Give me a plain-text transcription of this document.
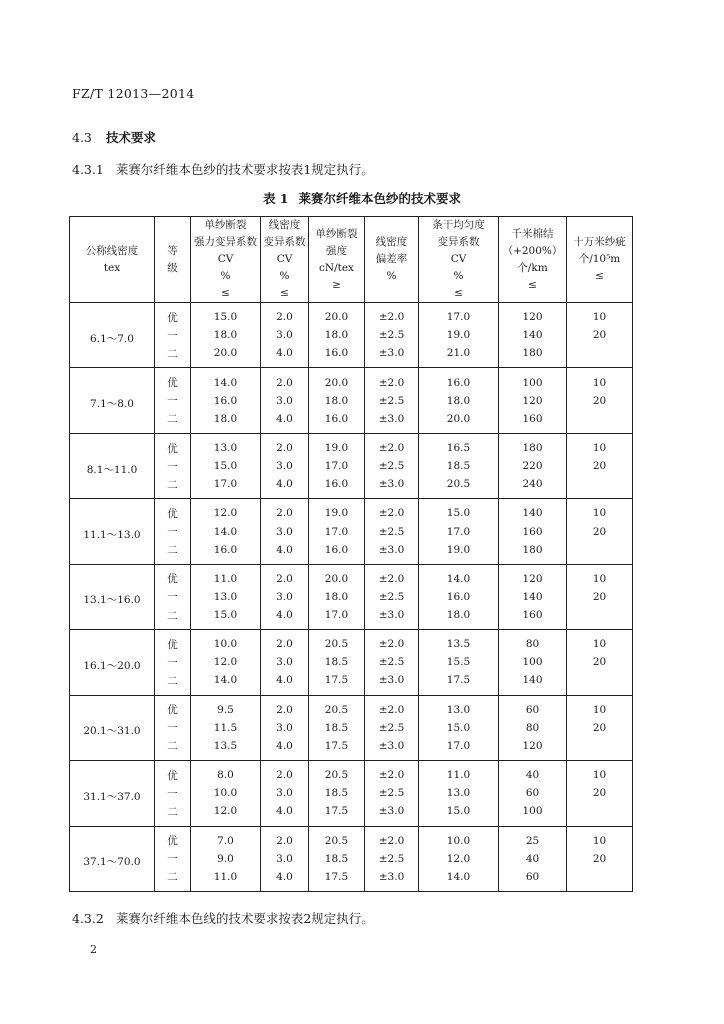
FZ/T 12013—2014
4.3 技术要求
4.3.1 莱赛尔纤维本色纱的技术要求按表1规定执行。
表 1 莱赛尔纤维本色纱的技术要求
公称线密度
tex	等
级	单纱断裂
强力变异系数
CV
%
≤	线密度
变异系数
CV
%
≤	单纱断裂
强度
cN/tex
≥	线密度
偏差率
%	条干均匀度
变异系数
CV
%
≤	千米棉结
（+200%）
个/km
≤	十万米纱疵
个/10⁵m
≤

6.1～7.0	优	15.0	2.0	20.0	±2.0	17.0	120	10
	一	18.0	3.0	18.0	±2.5	19.0	140	20
	二	20.0	4.0	16.0	±3.0	21.0	180	
7.1～8.0	优	14.0	2.0	20.0	±2.0	16.0	100	10
	一	16.0	3.0	18.0	±2.5	18.0	120	20
	二	18.0	4.0	16.0	±3.0	20.0	160	
8.1～11.0	优	13.0	2.0	19.0	±2.0	16.5	180	10
	一	15.0	3.0	17.0	±2.5	18.5	220	20
	二	17.0	4.0	16.0	±3.0	20.5	240	
11.1～13.0	优	12.0	2.0	19.0	±2.0	15.0	140	10
	一	14.0	3.0	17.0	±2.5	17.0	160	20
	二	16.0	4.0	16.0	±3.0	19.0	180	
13.1～16.0	优	11.0	2.0	20.0	±2.0	14.0	120	10
	一	13.0	3.0	18.0	±2.5	16.0	140	20
	二	15.0	4.0	17.0	±3.0	18.0	160	
16.1～20.0	优	10.0	2.0	20.5	±2.0	13.5	80	10
	一	12.0	3.0	18.5	±2.5	15.5	100	20
	二	14.0	4.0	17.5	±3.0	17.5	140	
20.1～31.0	优	9.5	2.0	20.5	±2.0	13.0	60	10
	一	11.5	3.0	18.5	±2.5	15.0	80	20
	二	13.5	4.0	17.5	±3.0	17.0	120	
31.1～37.0	优	8.0	2.0	20.5	±2.0	11.0	40	10
	一	10.0	3.0	18.5	±2.5	13.0	60	20
	二	12.0	4.0	17.5	±3.0	15.0	100	
37.1～70.0	优	7.0	2.0	20.5	±2.0	10.0	25	10
	一	9.0	3.0	18.5	±2.5	12.0	40	20
	二	11.0	4.0	17.5	±3.0	14.0	60	
4.3.2 莱赛尔纤维本色线的技术要求按表2规定执行。
2
